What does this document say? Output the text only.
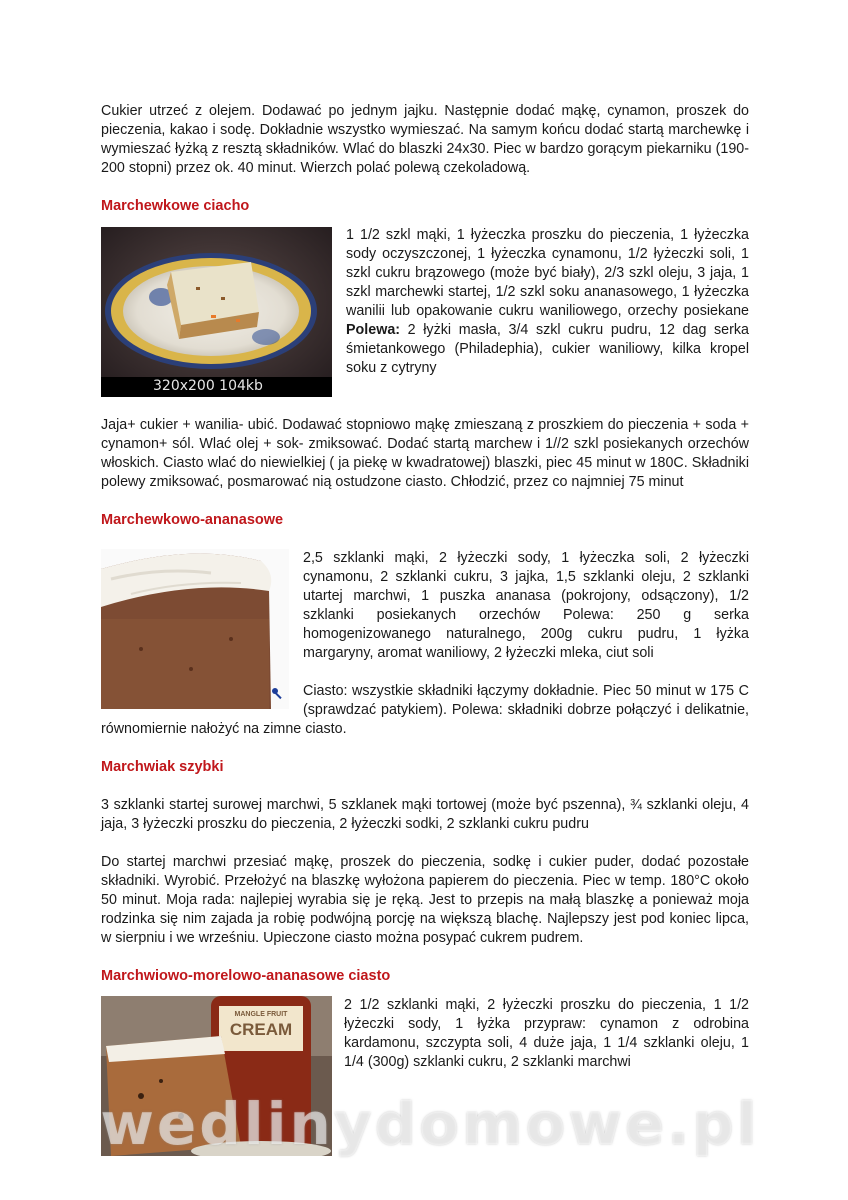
Cukier utrzeć z olejem. Dodawać po jednym jajku. Następnie dodać mąkę, cynamon, proszek do pieczenia, kakao i sodę. Dokładnie wszystko wymieszać. Na samym końcu dodać startą marchewkę i wymieszać łyżką z resztą składników. Wlać do blaszki 24x30. Piec w bardzo gorącym piekarniku (190-200 stopni) przez ok. 40 minut. Wierzch polać polewą czekoladową.

Marchewkowe ciacho
320x200 104kb

1 1/2 szkl mąki, 1 łyżeczka proszku do pieczenia, 1 łyżeczka sody oczyszczonej, 1 łyżeczka cynamonu, 1/2 łyżeczki soli, 1 szkl cukru brązowego (może być biały), 2/3 szkl oleju, 3 jaja, 1 szkl marchewki startej, 1/2 szkl soku ananasowego, 1 łyżeczka wanilii lub opakowanie cukru waniliowego, orzechy posiekane Polewa: 2 łyżki masła, 3/4 szkl cukru pudru, 12 dag serka śmietankowego (Philadephia), cukier waniliowy, kilka kropel soku z cytryny

Jaja+ cukier + wanilia- ubić. Dodawać stopniowo mąkę zmieszaną z proszkiem do pieczenia + soda + cynamon+ sól. Wlać olej + sok- zmiksować. Dodać startą marchew i 1//2 szkl posiekanych orzechów włoskich. Ciasto wlać do niewielkiej ( ja piekę w kwadratowej) blaszki, piec 45 minut w 180C. Składniki polewy zmiksować, posmarować nią ostudzone ciasto. Chłodzić, przez co najmniej 75 minut

Marchewkowo-ananasowe

2,5 szklanki mąki, 2 łyżeczki sody, 1 łyżeczka soli, 2 łyżeczki cynamonu, 2 szklanki cukru, 3 jajka, 1,5 szklanki oleju, 2 szklanki utartej marchwi, 1 puszka ananasa (pokrojony, odsączony), 1/2 szklanki posiekanych orzechów Polewa: 250 g serka homogenizowanego naturalnego, 200g cukru pudru, 1 łyżka margaryny, aromat waniliowy, 2 łyżeczki mleka, ciut soli

Ciasto: wszystkie składniki łączymy dokładnie. Piec 50 minut w 175 C (sprawdzać patykiem). Polewa: składniki dobrze połączyć i delikatnie, równomiernie nałożyć na zimne ciasto.

Marchwiak szybki

3 szklanki startej surowej marchwi, 5 szklanek mąki tortowej (może być pszenna), ¾ szklanki oleju, 4 jaja, 3 łyżeczki proszku do pieczenia, 2 łyżeczki sodki, 2 szklanki cukru pudru

Do startej marchwi przesiać mąkę, proszek do pieczenia, sodkę i cukier puder, dodać pozostałe składniki. Wyrobić. Przełożyć na blaszkę wyłożona papierem do pieczenia. Piec w temp. 180°C około 50 minut. Moja rada: najlepiej wyrabia się je ręką. Jest to przepis na małą blaszkę a ponieważ moja rodzinka się nim zajada ja robię podwójną porcję na większą blachę. Najlepszy jest pod koniec lipca, w sierpniu i we wrześniu. Upieczone ciasto można posypać cukrem pudrem.

Marchwiowo-morelowo-ananasowe ciasto
MANGLE FRUIT
CREAM

2 1/2 szklanki mąki, 2 łyżeczki proszku do pieczenia, 1 1/2 łyżeczki sody, 1 łyżka przypraw: cynamon z odrobina kardamonu, szczypta soli, 4 duże jaja, 1 1/4 szklanki oleju, 1 1/4 (300g) szklanki cukru, 2 szklanki marchwi

wedlinydomowe.pl
